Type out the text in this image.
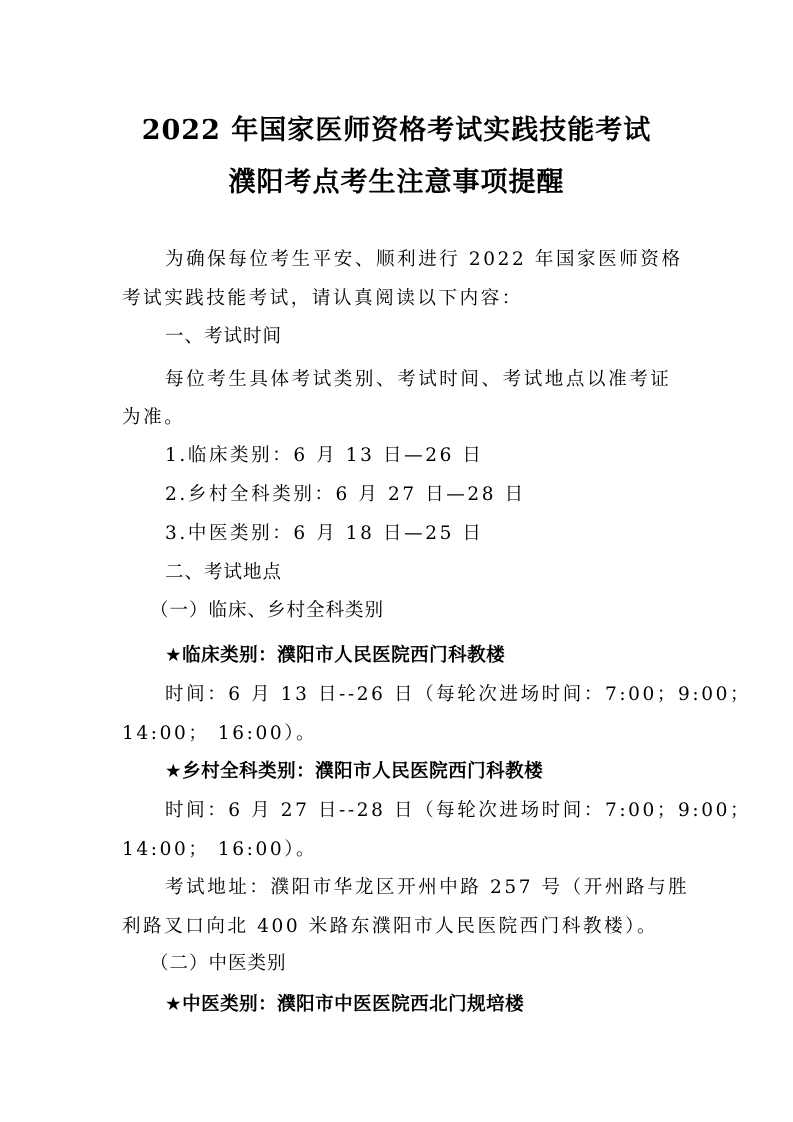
2022 年国家医师资格考试实践技能考试
濮阳考点考生注意事项提醒
为确保每位考生平安、顺利进行 2022 年国家医师资格
考试实践技能考试，请认真阅读以下内容：
一、考试时间
每位考生具体考试类别、考试时间、考试地点以准考证
为准。
1.临床类别：6 月 13 日—26 日
2.乡村全科类别：6 月 27 日—28 日
3.中医类别：6 月 18 日—25 日
二、考试地点
（一）临床、乡村全科类别
★临床类别：濮阳市人民医院西门科教楼
时间：6 月 13 日--26 日（每轮次进场时间：7:00；9:00；
14:00； 16:00）。
★乡村全科类别：濮阳市人民医院西门科教楼
时间：6 月 27 日--28 日（每轮次进场时间：7:00；9:00；
14:00； 16:00）。
考试地址：濮阳市华龙区开州中路 257 号（开州路与胜
利路叉口向北 400 米路东濮阳市人民医院西门科教楼）。
（二）中医类别
★中医类别：濮阳市中医医院西北门规培楼
